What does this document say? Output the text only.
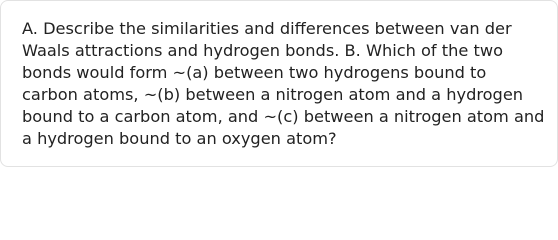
A. Describe the similarities and differences between van der Waals attractions and hydrogen bonds. B. Which of the two bonds would form ~(a) between two hydrogens bound to carbon atoms, ~(b) between a nitrogen atom and a hydrogen bound to a carbon atom, and ~(c) between a nitrogen atom and a hydrogen bound to an oxygen atom?
